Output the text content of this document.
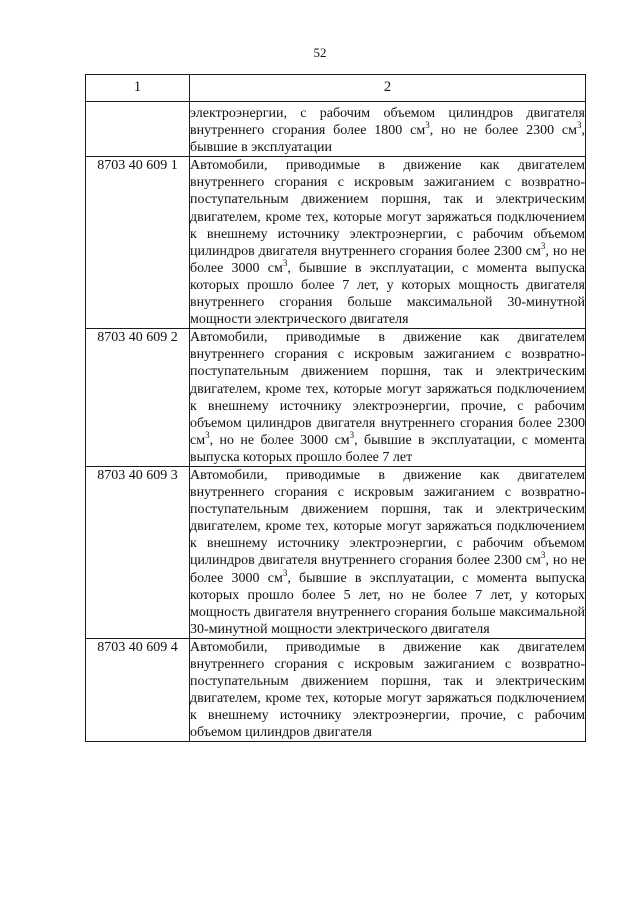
52
1	2
	электроэнергии, с рабочим объемом цилиндров двигателя внутреннего сгорания более 1800 $см^3$, но не более 2300 $см^3$, бывшие в эксплуатации
8703 40 609 1	Автомобили, приводимые в движение как двигателем внутреннего сгорания с искровым зажиганием с возвратно-поступательным движением поршня, так и электрическим двигателем, кроме тех, которые могут заряжаться подключением к внешнему источнику электроэнергии, с рабочим объемом цилиндров двигателя внутреннего сгорания более 2300 $см^3$, но не более 3000 $см^3$, бывшие в эксплуатации, с момента выпуска которых прошло более 7 лет, у которых мощность двигателя внутреннего сгорания больше максимальной 30-минутной мощности электрического двигателя
8703 40 609 2	Автомобили, приводимые в движение как двигателем внутреннего сгорания с искровым зажиганием с возвратно-поступательным движением поршня, так и электрическим двигателем, кроме тех, которые могут заряжаться подключением к внешнему источнику электроэнергии, прочие, с рабочим объемом цилиндров двигателя внутреннего сгорания более 2300 $см^3$, но не более 3000 $см^3$, бывшие в эксплуатации, с момента выпуска которых прошло более 7 лет
8703 40 609 3	Автомобили, приводимые в движение как двигателем внутреннего сгорания с искровым зажиганием с возвратно-поступательным движением поршня, так и электрическим двигателем, кроме тех, которые могут заряжаться подключением к внешнему источнику электроэнергии, с рабочим объемом цилиндров двигателя внутреннего сгорания более 2300 $см^3$, но не более 3000 $см^3$, бывшие в эксплуатации, с момента выпуска которых прошло более 5 лет, но не более 7 лет, у которых мощность двигателя внутреннего сгорания больше максимальной 30-минутной мощности электрического двигателя
8703 40 609 4	Автомобили, приводимые в движение как двигателем внутреннего сгорания с искровым зажиганием с возвратно-поступательным движением поршня, так и электрическим двигателем, кроме тех, которые могут заряжаться подключением к внешнему источнику электроэнергии, прочие, с рабочим объемом цилиндров двигателя
